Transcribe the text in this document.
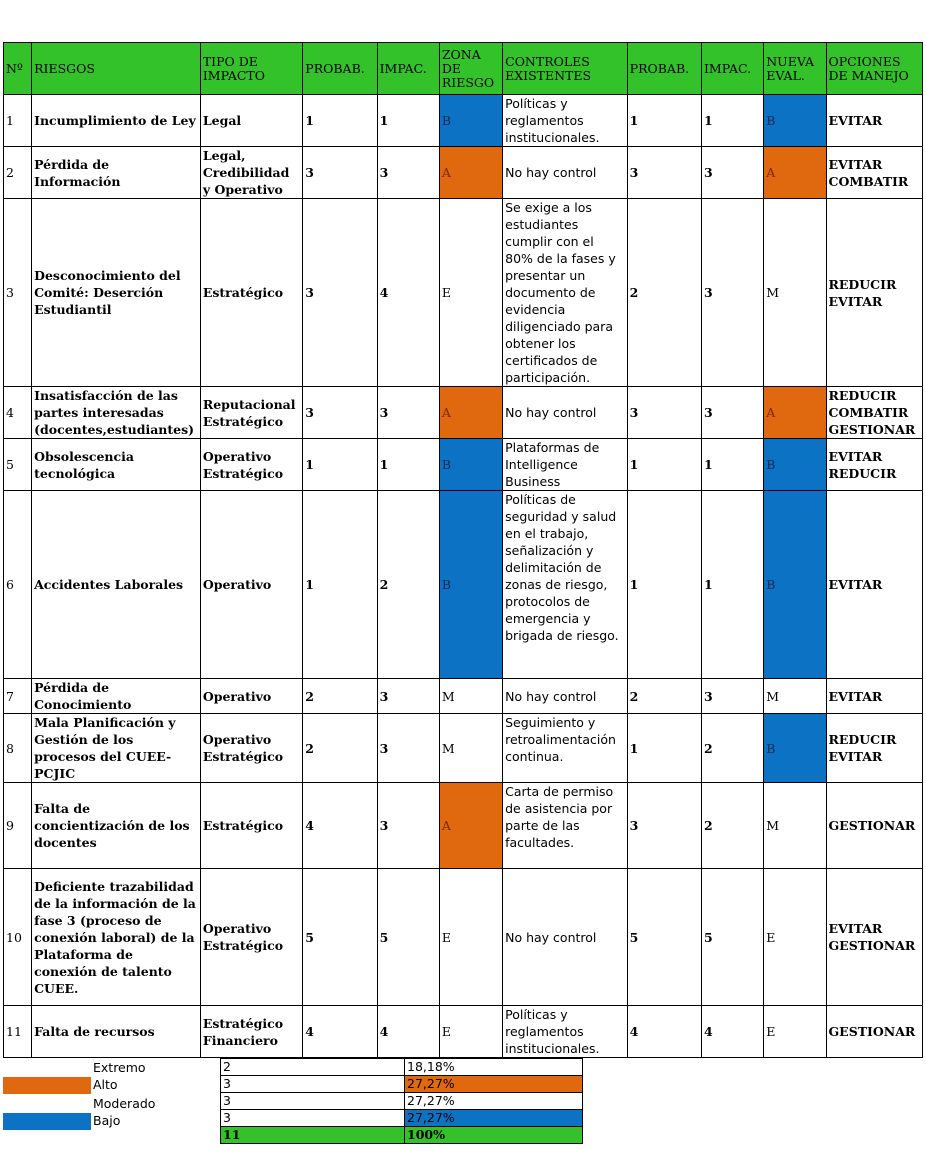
Nº	RIESGOS	TIPO DE IMPACTO	PROBAB.	IMPAC.	ZONA DE RIESGO	CONTROLES EXISTENTES	PROBAB.	IMPAC.	NUEVA EVAL.	OPCIONES DE MANEJO
1	Incumplimiento de Ley	Legal	1	1	B	Políticas y reglamentos institucionales.	1	1	B	EVITAR
2	Pérdida de Información	Legal, Credibilidad y Operativo	3	3	A	No hay control	3	3	A	EVITAR COMBATIR
3	Desconocimiento del Comité: Deserción Estudiantil	Estratégico	3	4	E	Se exige a los estudiantes cumplir con el 80% de la fases y presentar un documento de evidencia diligenciado para obtener los certificados de participación.	2	3	M	REDUCIR EVITAR
4	Insatisfacción de las partes interesadas (docentes,estudiantes)	Reputacional Estratégico	3	3	A	No hay control	3	3	A	REDUCIR COMBATIR GESTIONAR
5	Obsolescencia tecnológica	Operativo Estratégico	1	1	B	Plataformas de Intelligence Business	1	1	B	EVITAR REDUCIR
6	Accidentes Laborales	Operativo	1	2	B	Políticas de seguridad y salud en el trabajo, señalización y delimitación de zonas de riesgo, protocolos de emergencia y brigada de riesgo.	1	1	B	EVITAR
7	Pérdida de Conocimiento	Operativo	2	3	M	No hay control	2	3	M	EVITAR
8	Mala Planificación y Gestión de los procesos del CUEE-PCJIC	Operativo Estratégico	2	3	M	Seguimiento y retroalimentación continua.	1	2	B	REDUCIR EVITAR
9	Falta de concientización de los docentes	Estratégico	4	3	A	Carta de permiso de asistencia por parte de las facultades.	3	2	M	GESTIONAR
10	Deficiente trazabilidad de la información de la fase 3 (proceso de conexión laboral) de la Plataforma de conexión de talento CUEE.	Operativo Estratégico	5	5	E	No hay control	5	5	E	EVITAR GESTIONAR
11	Falta de recursos	Estratégico Financiero	4	4	E	Políticas y reglamentos institucionales.	4	4	E	GESTIONAR
Extremo
Alto
Moderado
Bajo
2	18,18%
3	27,27%
3	27,27%
3	27,27%
11	100%
